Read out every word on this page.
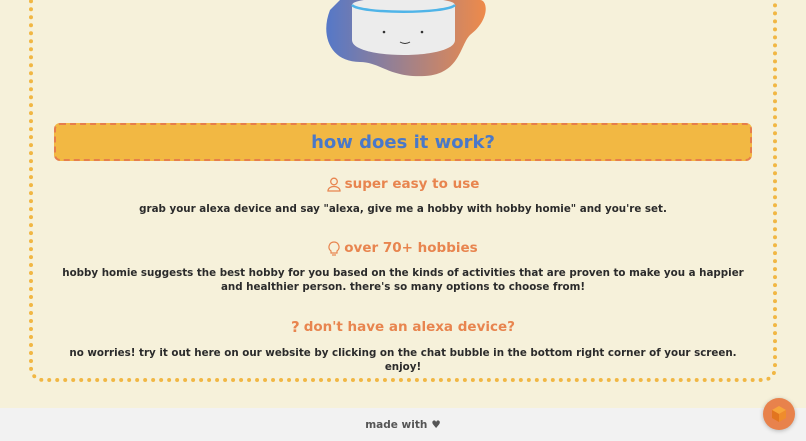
how does it work?
super easy to use
grab your alexa device and say "alexa, give me a hobby with hobby homie" and you're set.
over 70+ hobbies
hobby homie suggests the best hobby for you based on the kinds of activities that are proven to make you a happier and healthier person. there's so many options to choose from!
? don't have an alexa device?
no worries! try it out here on our website by clicking on the chat bubble in the bottom right corner of your screen. enjoy!
made with ♥
